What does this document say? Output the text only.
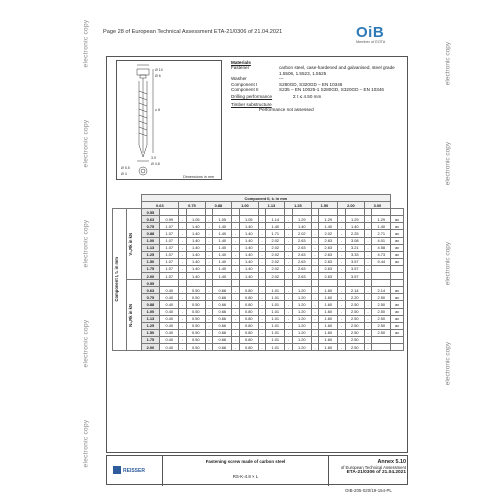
Page 28 of European Technical Assessment ETA-21/0306 of 21.04.2021	OiB
Member of EOTA
electronic copy
electronic copy
electronic copy
electronic copy
electronic copy
electronic copy
electronic copy
electronic copy
electronic copy
Ø 10
Ø 6
≥ 8
3.9
Ø 4.8
Ø 5.5
Ø 4
Dimensions in mm
Materials
Fastener	carbon steel, case-hardened and galvanised, steel grade 1.5506, 1.5523, 1.5525
Washer	---
Component I	S280GD, S320GD – EN 10346
Component II	S235 – EN 10025-1 S280GD, S320GD – EN 10346
Drilling performance	Σ t ≤ 4.50 mm
Timber substructure
Performance not assessed
		Component II, t₂ in mm																		
		0.63		0.75		0.88		1.00		1.13		1.25		1.50		2.00		3.00		

Component I, t₁ in mm	V₀,Rk in kN	0.55																		
		0.63	0.99	-	1.05	-	1.05	-	1.05	-	1.14	-	1.29	-	1.29	-	1.29	-	1.29	ac
		0.75	1.07	-	1.40	-	1.40	-	1.40	-	1.40	-	1.40	-	1.40	-	1.40	-	1.40	ac
		0.88	1.07	-	1.40	-	1.40	-	1.40	-	1.71	-	2.02	-	2.02	-	2.25	-	2.71	ac
		1.00	1.07	-	1.40	-	1.40	-	1.40	-	2.02	-	2.63	-	2.63	-	3.08	-	4.01	ac
		1.13	1.07	-	1.40	-	1.40	-	1.40	-	2.02	-	2.63	-	2.63	-	3.21	-	4.58	ac
		1.25	1.07	-	1.40	-	1.40	-	1.40	-	2.02	-	2.63	-	2.63	-	3.33	-	4.73	ac
		1.50	1.07	-	1.40	-	1.40	-	1.40	-	2.02	-	2.63	-	2.63	-	3.57	-	5.44	ac
		1.75	1.07	-	1.40	-	1.40	-	1.40	-	2.02	-	2.63	-	2.63	-	3.57	-		
		2.00	1.07	-	1.40	-	1.40	-	1.40	-	2.02	-	2.63	-	2.63	-	3.57	-		

	N₀,Rk in kN	0.55																		
		0.63	0.40	-	0.50	-	0.66	-	0.80	-	1.01	-	1.20	-	1.60	-	2.14	-	2.14	ac
		0.75	0.40	-	0.50	-	0.66	-	0.80	-	1.01	-	1.20	-	1.60	-	2.20	-	2.50	ac
		0.88	0.40	-	0.50	-	0.66	-	0.80	-	1.01	-	1.20	-	1.60	-	2.50	-	2.50	ac
		1.00	0.40	-	0.50	-	0.66	-	0.80	-	1.01	-	1.20	-	1.60	-	2.50	-	2.50	ac
		1.13	0.40	-	0.50	-	0.66	-	0.80	-	1.01	-	1.20	-	1.60	-	2.50	-	2.50	ac
		1.25	0.40	-	0.50	-	0.66	-	0.80	-	1.01	-	1.20	-	1.60	-	2.50	-	2.50	ac
		1.50	0.40	-	0.50	-	0.66	-	0.80	-	1.01	-	1.20	-	1.60	-	2.50	-	2.50	ac
		1.75	0.40	-	0.50	-	0.66	-	0.80	-	1.01	-	1.20	-	1.60	-	2.50	-		
		2.00	0.40	-	0.50	-	0.66	-	0.80	-	1.01	-	1.20	-	1.60	-	2.50	-		
REISSER
Fastening screw made of carbon steel
RS-K-4.8 × L
Annex 5.10
of European Technical Assessment
ETA-21/0306 of 21.04.2021
OIB-205-020/19-154-PL
